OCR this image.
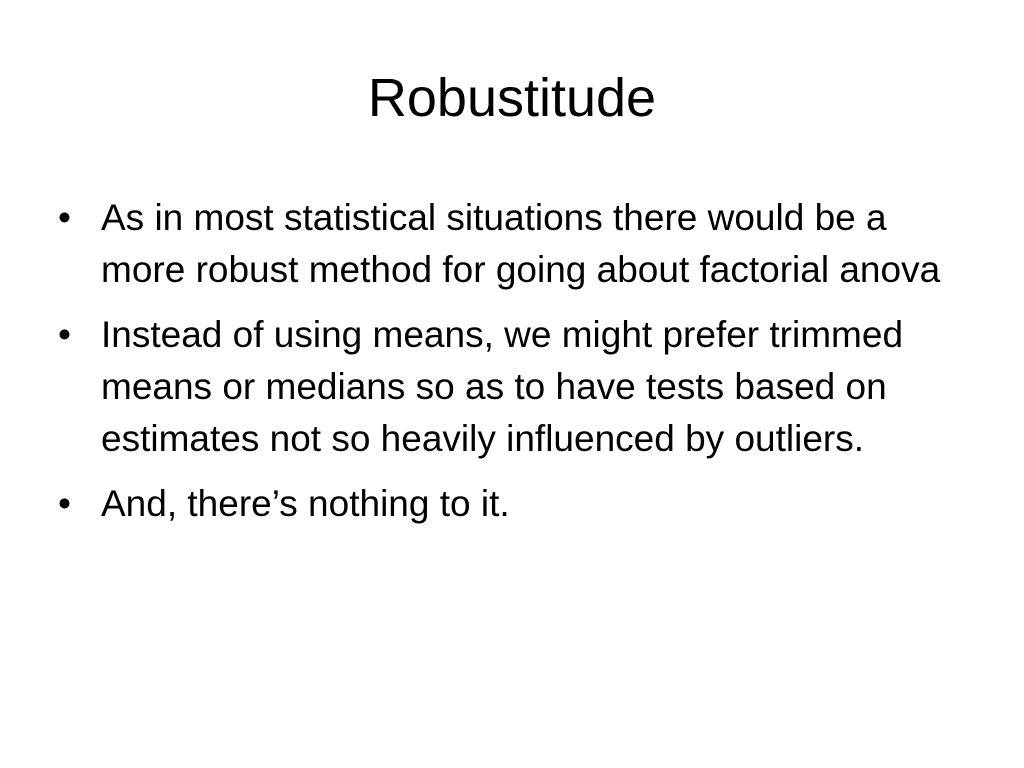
Robustitude
• As in most statistical situations there would be a more robust method for going about factorial anova
• Instead of using means, we might prefer trimmed means or medians so as to have tests based on estimates not so heavily influenced by outliers.
• And, there’s nothing to it.
